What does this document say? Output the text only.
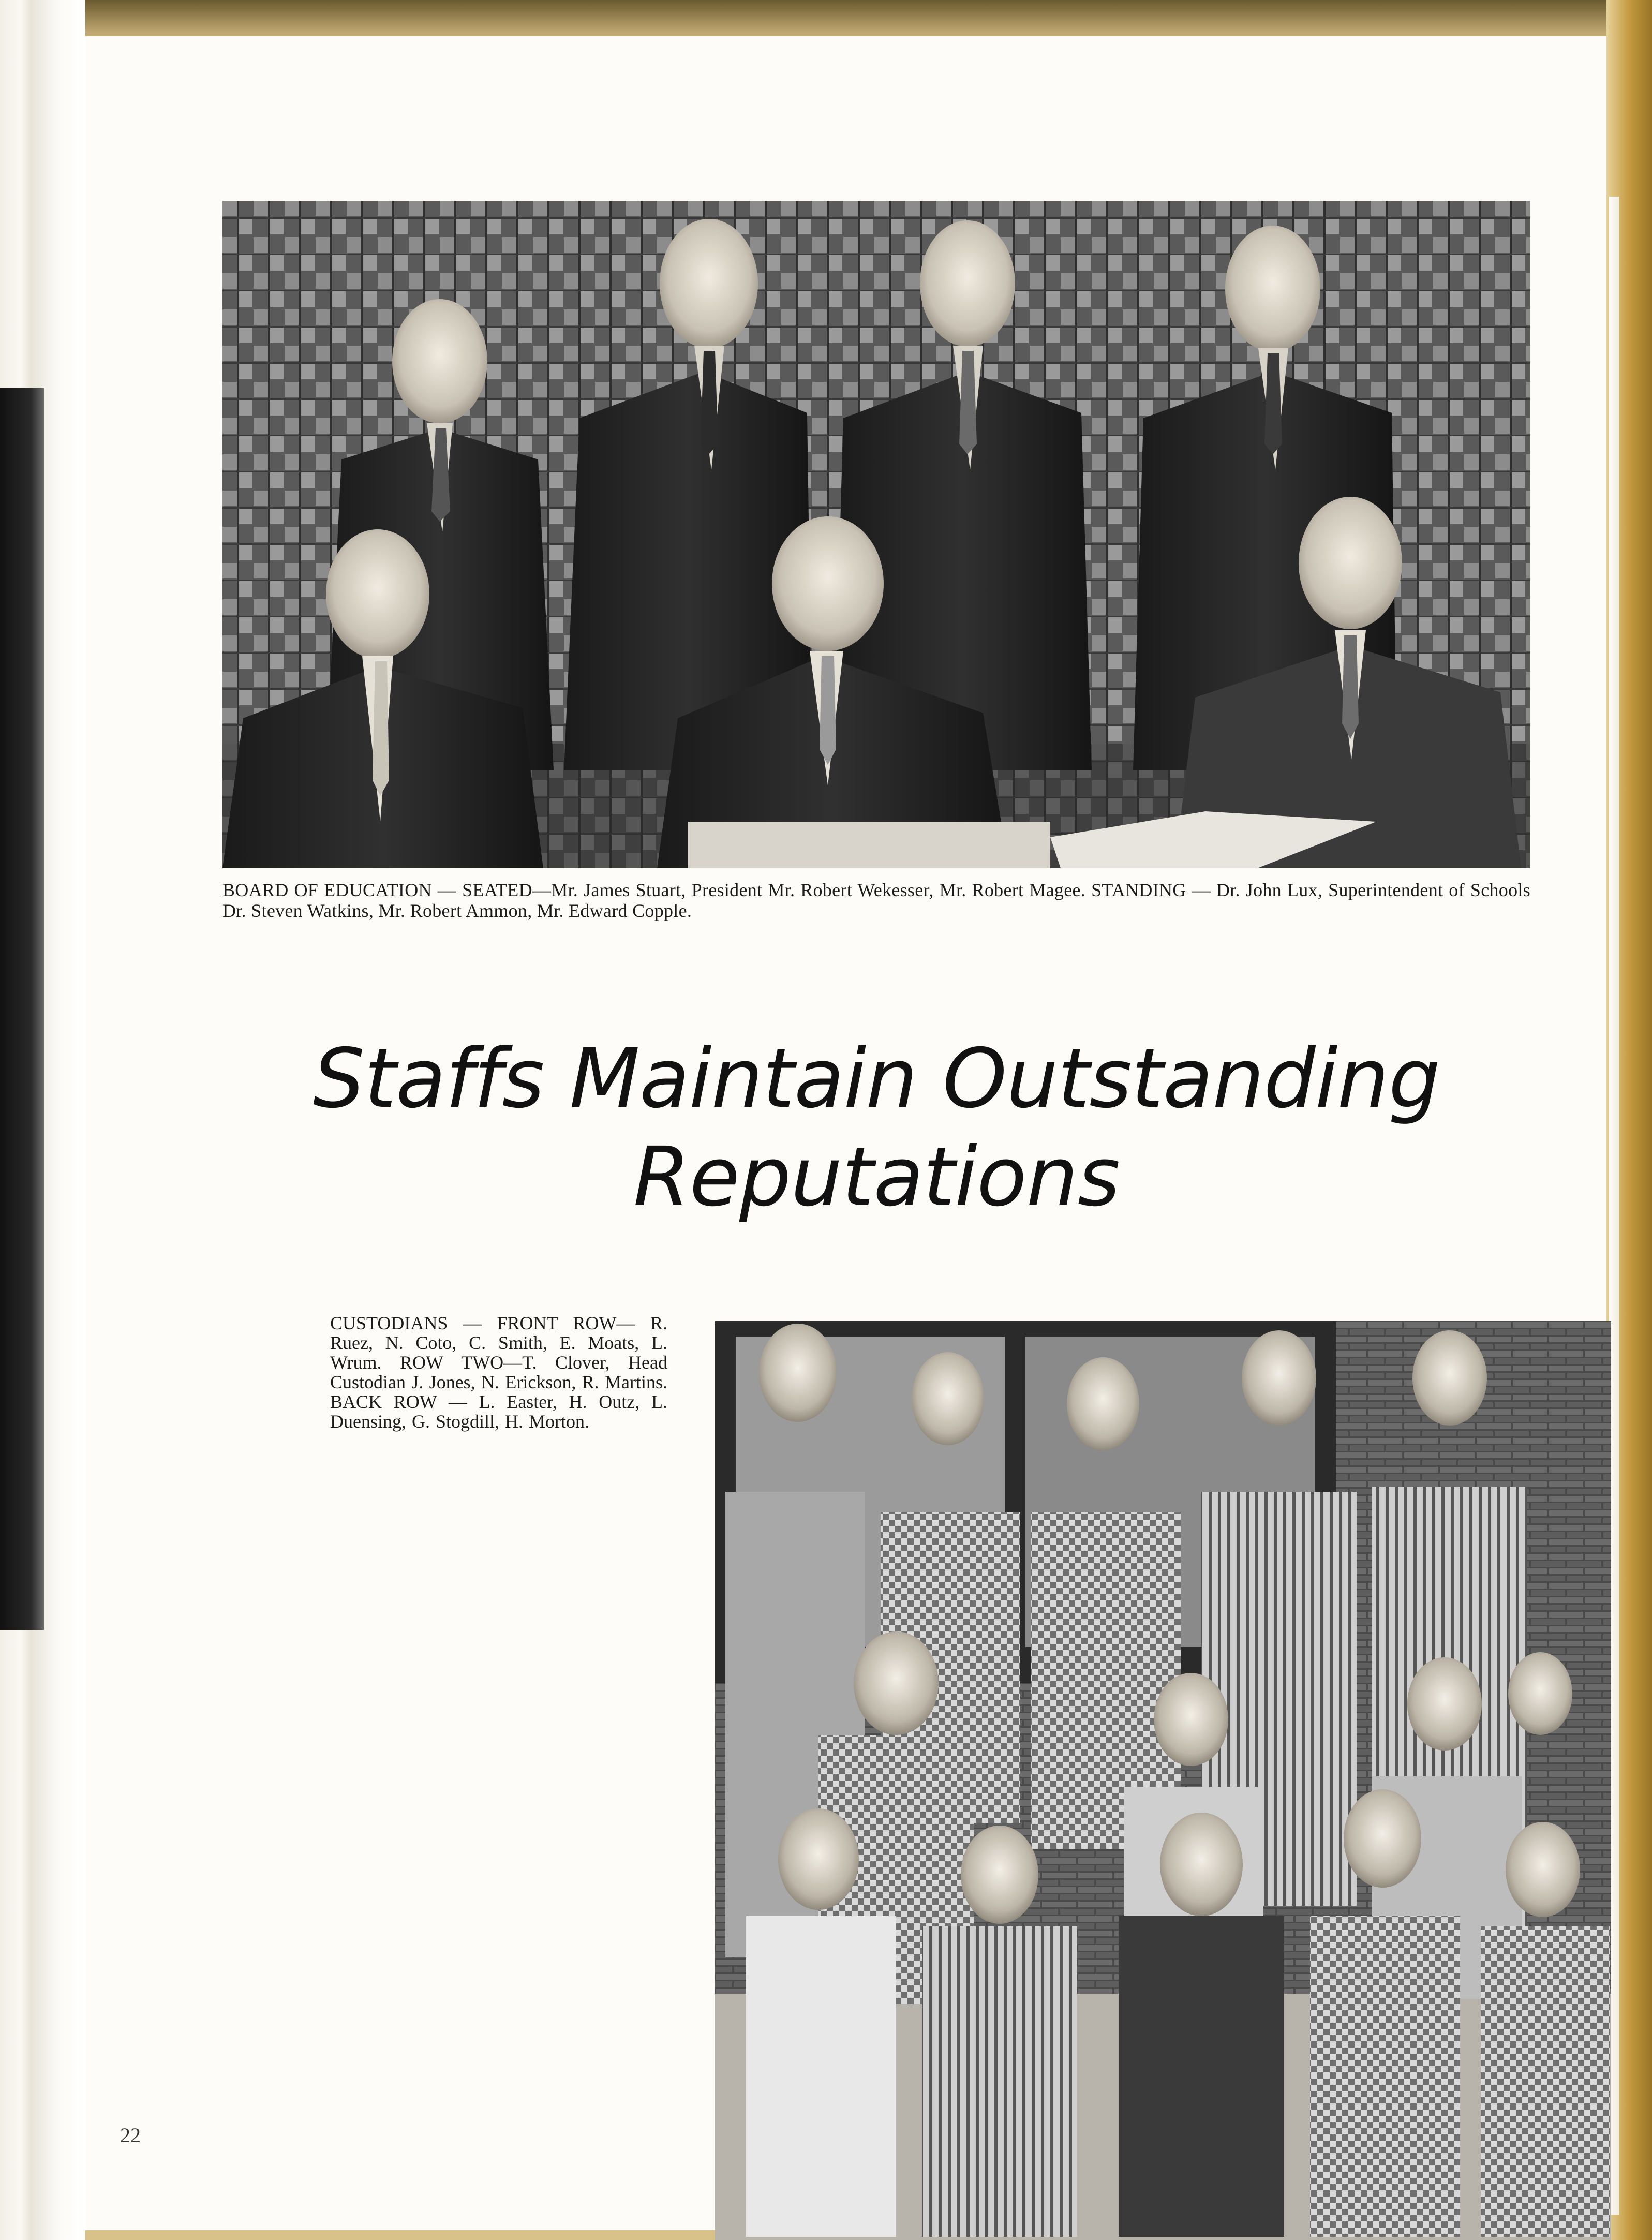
BOARD OF EDUCATION — SEATED—Mr. James Stuart, President Mr. Robert Wekesser, Mr. Robert Magee. STANDING — Dr. John Lux, Superintendent of Schools Dr. Steven Watkins, Mr. Robert Ammon, Mr. Edward Copple.
Staffs Maintain Outstanding Reputations
CUSTODIANS — FRONT ROW— R. Ruez, N. Coto, C. Smith, E. Moats, L. Wrum. ROW TWO—T. Clover, Head Custodian J. Jones, N. Erickson, R. Martins. BACK ROW — L. Easter, H. Outz, L. Duensing, G. Stogdill, H. Morton.
22
